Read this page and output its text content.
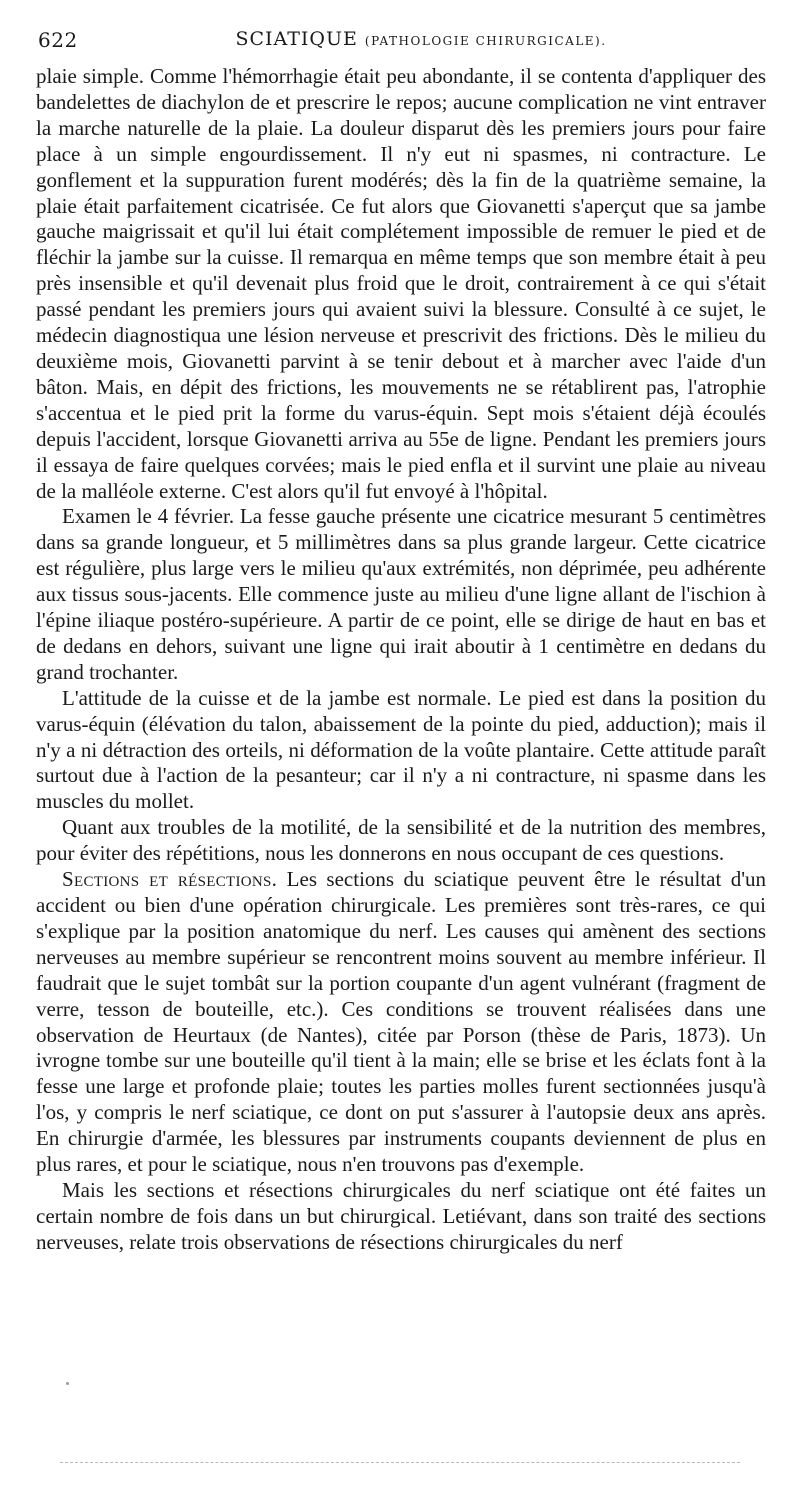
622	SCIATIQUE (PATHOLOGIE CHIRURGICALE).

plaie simple. Comme l'hémorrhagie était peu abondante, il se contenta d'appliquer des bandelettes de diachylon de et prescrire le repos; aucune complication ne vint entraver la marche naturelle de la plaie. La douleur disparut dès les premiers jours pour faire place à un simple engourdissement. Il n'y eut ni spasmes, ni contracture. Le gonflement et la suppuration furent modérés; dès la fin de la quatrième semaine, la plaie était parfaitement cicatrisée. Ce fut alors que Giovanetti s'aperçut que sa jambe gauche maigrissait et qu'il lui était complétement impossible de remuer le pied et de fléchir la jambe sur la cuisse. Il remarqua en même temps que son membre était à peu près insensible et qu'il devenait plus froid que le droit, contrairement à ce qui s'était passé pendant les premiers jours qui avaient suivi la blessure. Consulté à ce sujet, le médecin diagnostiqua une lésion nerveuse et prescrivit des frictions. Dès le milieu du deuxième mois, Giovanetti parvint à se tenir debout et à marcher avec l'aide d'un bâton. Mais, en dépit des frictions, les mouvements ne se rétablirent pas, l'atrophie s'accentua et le pied prit la forme du varus-équin. Sept mois s'étaient déjà écoulés depuis l'accident, lorsque Giovanetti arriva au 55e de ligne. Pendant les premiers jours il essaya de faire quelques corvées; mais le pied enfla et il survint une plaie au niveau de la malléole externe. C'est alors qu'il fut envoyé à l'hôpital.

Examen le 4 février. La fesse gauche présente une cicatrice mesurant 5 centimètres dans sa grande longueur, et 5 millimètres dans sa plus grande largeur. Cette cicatrice est régulière, plus large vers le milieu qu'aux extrémités, non déprimée, peu adhérente aux tissus sous-jacents. Elle commence juste au milieu d'une ligne allant de l'ischion à l'épine iliaque postéro-supérieure. A partir de ce point, elle se dirige de haut en bas et de dedans en dehors, suivant une ligne qui irait aboutir à 1 centimètre en dedans du grand trochanter.

L'attitude de la cuisse et de la jambe est normale. Le pied est dans la position du varus-équin (élévation du talon, abaissement de la pointe du pied, adduction); mais il n'y a ni détraction des orteils, ni déformation de la voûte plantaire. Cette attitude paraît surtout due à l'action de la pesanteur; car il n'y a ni contracture, ni spasme dans les muscles du mollet.

Quant aux troubles de la motilité, de la sensibilité et de la nutrition des membres, pour éviter des répétitions, nous les donnerons en nous occupant de ces questions.

Sections et résections. Les sections du sciatique peuvent être le résultat d'un accident ou bien d'une opération chirurgicale. Les premières sont très-rares, ce qui s'explique par la position anatomique du nerf. Les causes qui amènent des sections nerveuses au membre supérieur se rencontrent moins souvent au membre inférieur. Il faudrait que le sujet tombât sur la portion coupante d'un agent vulnérant (fragment de verre, tesson de bouteille, etc.). Ces conditions se trouvent réalisées dans une observation de Heurtaux (de Nantes), citée par Porson (thèse de Paris, 1873). Un ivrogne tombe sur une bouteille qu'il tient à la main; elle se brise et les éclats font à la fesse une large et profonde plaie; toutes les parties molles furent sectionnées jusqu'à l'os, y compris le nerf sciatique, ce dont on put s'assurer à l'autopsie deux ans après. En chirurgie d'armée, les blessures par instruments coupants deviennent de plus en plus rares, et pour le sciatique, nous n'en trouvons pas d'exemple.

Mais les sections et résections chirurgicales du nerf sciatique ont été faites un certain nombre de fois dans un but chirurgical. Letiévant, dans son traité des sections nerveuses, relate trois observations de résections chirurgicales du nerf
